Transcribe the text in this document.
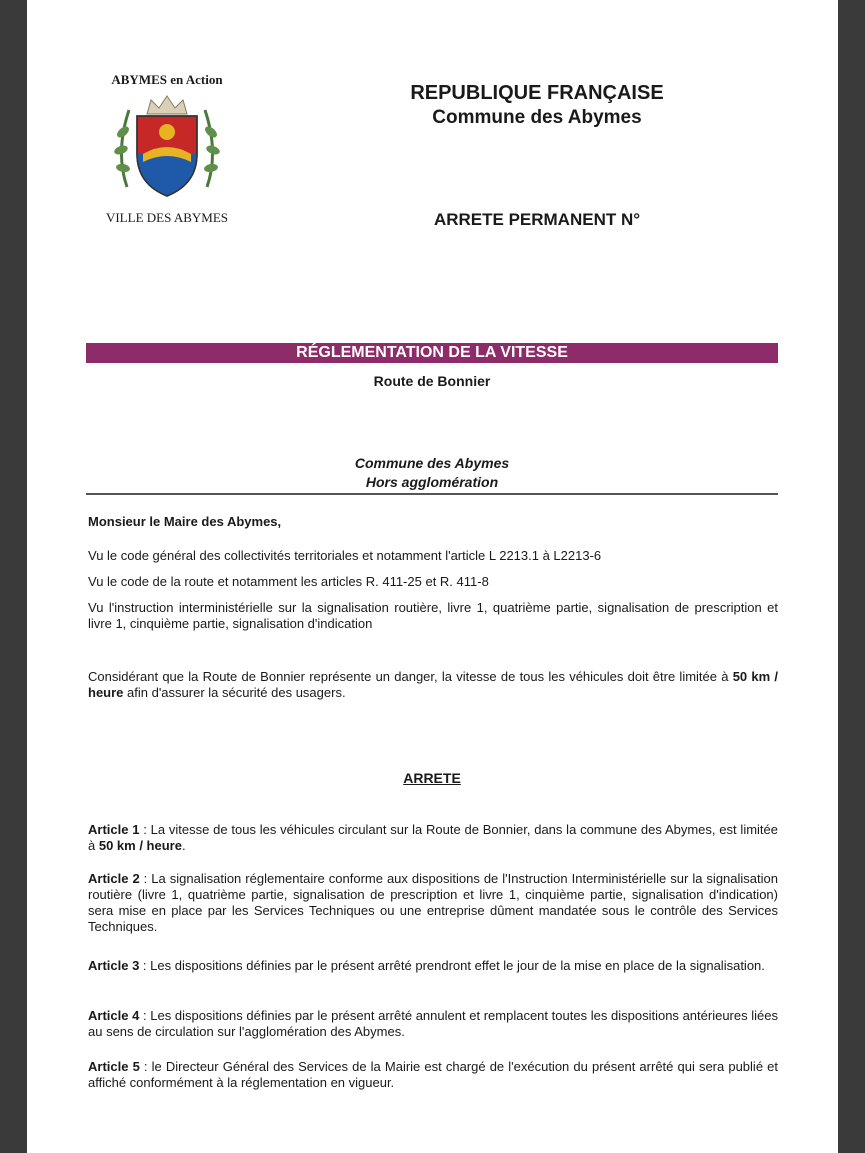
ABYMES en Action
VILLE DES ABYMES
REPUBLIQUE FRANÇAISE
Commune des Abymes
ARRETE PERMANENT N°
RÉGLEMENTATION DE LA VITESSE
Route de Bonnier
Commune des Abymes
Hors agglomération
Monsieur le Maire des Abymes,
Vu le code général des collectivités territoriales et notamment l'article L 2213.1 à L2213-6
Vu le code de la route et notamment les articles R. 411-25 et R. 411-8
Vu l'instruction interministérielle sur la signalisation routière, livre 1, quatrième partie, signalisation de prescription et livre 1, cinquième partie, signalisation d'indication
Considérant que la Route de Bonnier représente un danger, la vitesse de tous les véhicules doit être limitée à 50 km / heure afin d'assurer la sécurité des usagers.
ARRETE
Article 1 : La vitesse de tous les véhicules circulant sur la Route de Bonnier, dans la commune des Abymes, est limitée à 50 km / heure.
Article 2 : La signalisation réglementaire conforme aux dispositions de l'Instruction Interministérielle sur la signalisation routière (livre 1, quatrième partie, signalisation de prescription et livre 1, cinquième partie, signalisation d'indication) sera mise en place par les Services Techniques ou une entreprise dûment mandatée sous le contrôle des Services Techniques.
Article 3 : Les dispositions définies par le présent arrêté prendront effet le jour de la mise en place de la signalisation.
Article 4 : Les dispositions définies par le présent arrêté annulent et remplacent toutes les dispositions antérieures liées au sens de circulation sur l'agglomération des Abymes.
Article 5 : le Directeur Général des Services de la Mairie est chargé de l'exécution du présent arrêté qui sera publié et affiché conformément à la réglementation en vigueur.
